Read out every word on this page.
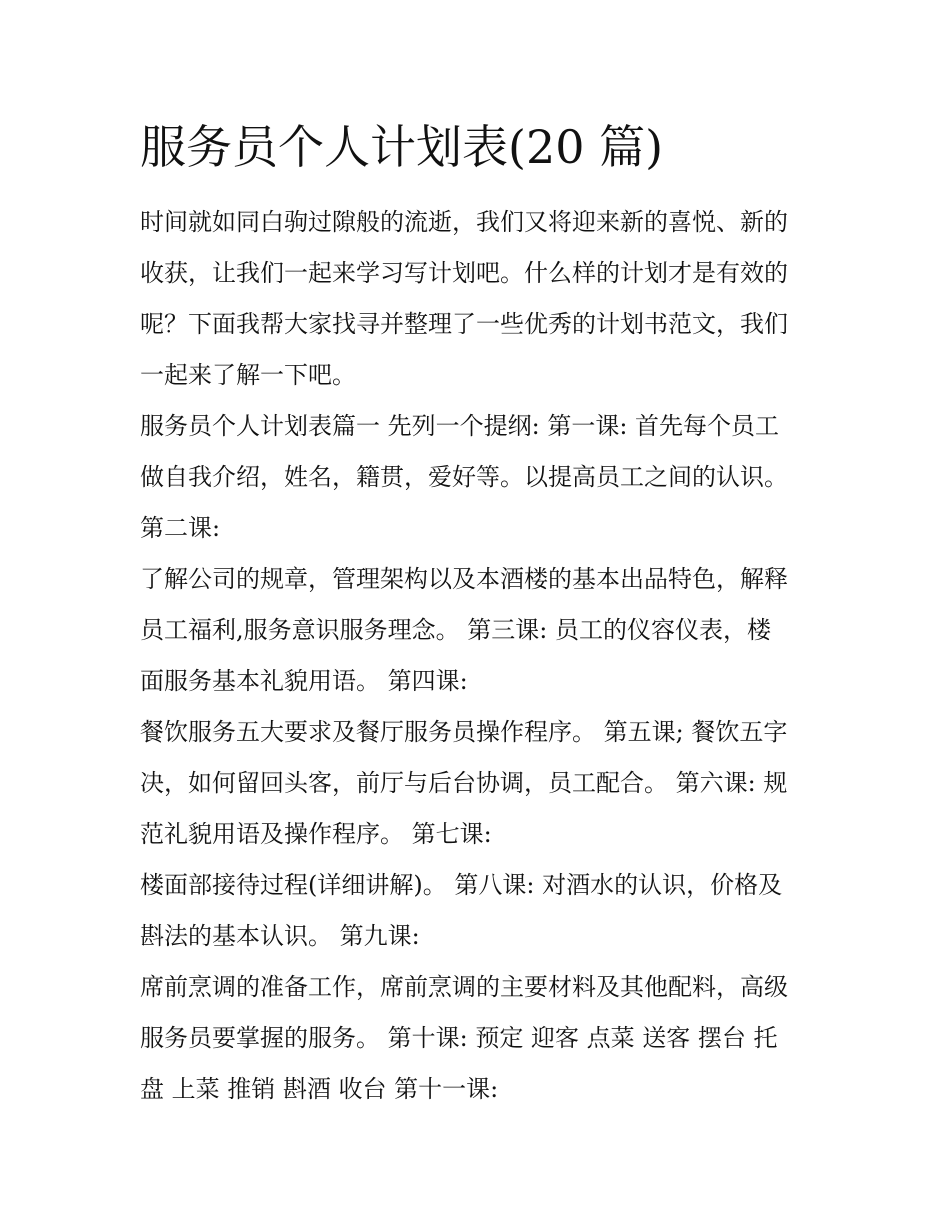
服务员个人计划表(20 篇)
时间就如同白驹过隙般的流逝，我们又将迎来新的喜悦、新的
收获，让我们一起来学习写计划吧。什么样的计划才是有效的
呢？下面我帮大家找寻并整理了一些优秀的计划书范文，我们
一起来了解一下吧。
服务员个人计划表篇一 先列一个提纲: 第一课: 首先每个员工
做自我介绍，姓名，籍贯，爱好等。以提高员工之间的认识。
第二课:
了解公司的规章，管理架构以及本酒楼的基本出品特色，解释
员工福利,服务意识服务理念。 第三课: 员工的仪容仪表，楼
面服务基本礼貌用语。 第四课:
餐饮服务五大要求及餐厅服务员操作程序。 第五课; 餐饮五字
决，如何留回头客，前厅与后台协调，员工配合。 第六课: 规
范礼貌用语及操作程序。 第七课:
楼面部接待过程(详细讲解)。 第八课: 对酒水的认识，价格及
斟法的基本认识。 第九课:
席前烹调的准备工作，席前烹调的主要材料及其他配料，高级
服务员要掌握的服务。 第十课: 预定 迎客 点菜 送客 摆台 托
盘 上菜 推销 斟酒 收台 第十一课:
